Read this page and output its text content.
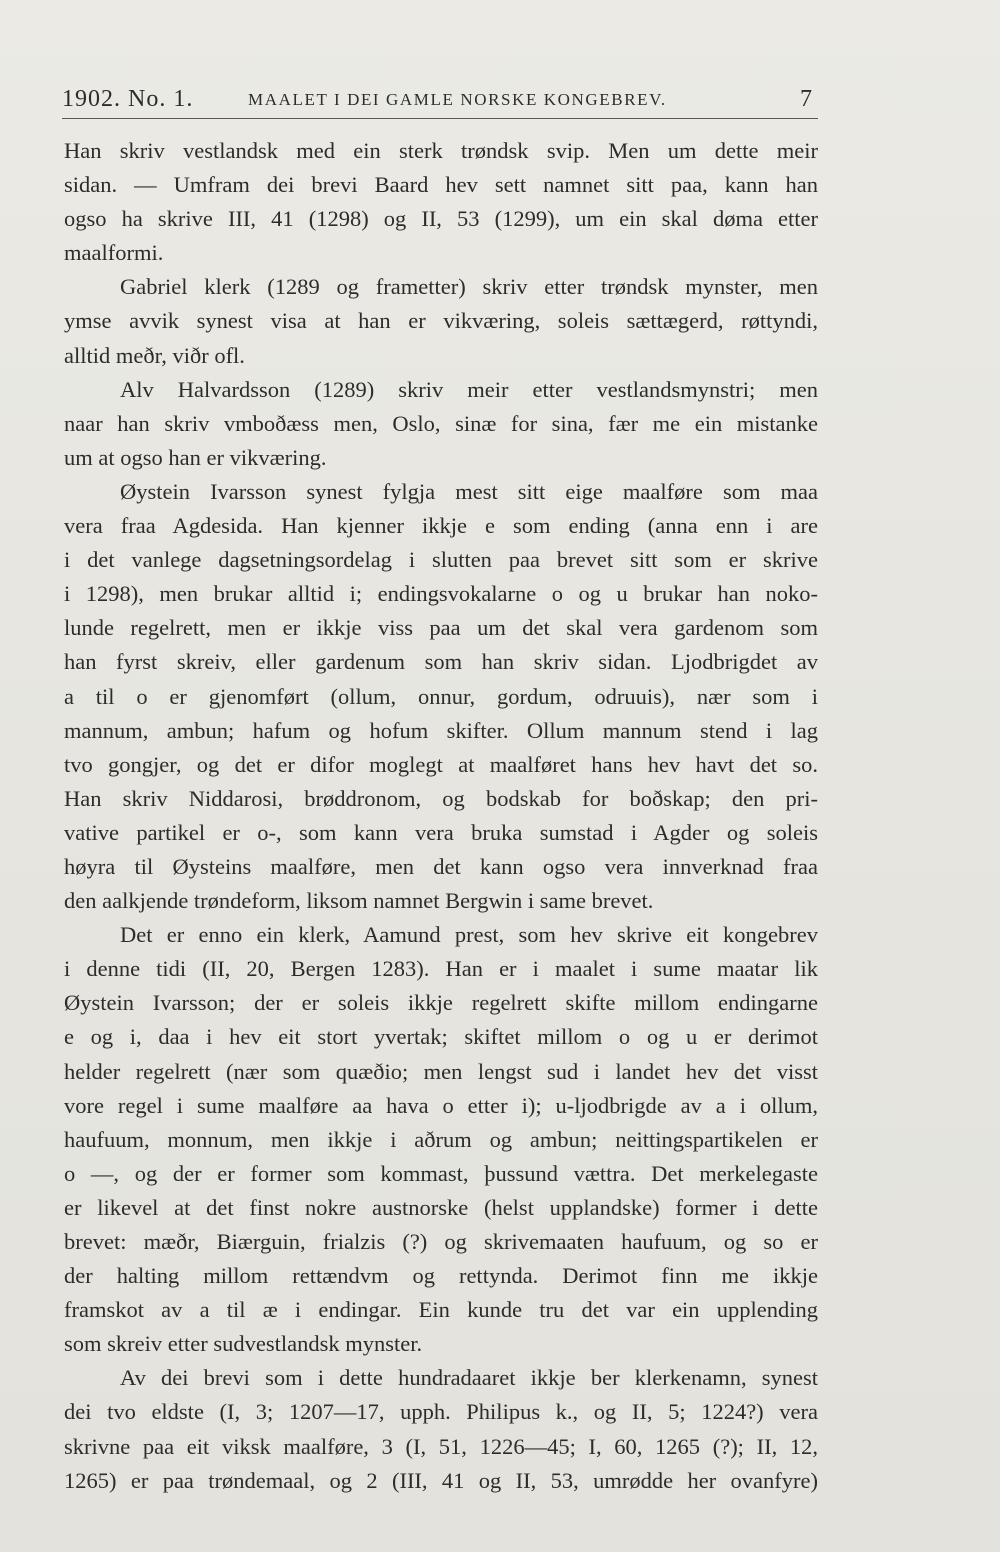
1902. No. 1.	MAALET I DEI GAMLE NORSKE KONGEBREV.	7
Han skriv vestlandsk med ein sterk trøndsk svip. Men um dette meir
sidan. — Umfram dei brevi Baard hev sett namnet sitt paa, kann han
ogso ha skrive III, 41 (1298) og II, 53 (1299), um ein skal døma etter
maalformi.
Gabriel klerk (1289 og frametter) skriv etter trøndsk mynster, men
ymse avvik synest visa at han er vikværing, soleis sættægerd, røttyndi,
alltid meðr, viðr ofl.
Alv Halvardsson (1289) skriv meir etter vestlandsmynstri; men
naar han skriv vmboðæss men, Oslo, sinæ for sina, fær me ein mistanke
um at ogso han er vikværing.
Øystein Ivarsson synest fylgja mest sitt eige maalføre som maa
vera fraa Agdesida. Han kjenner ikkje e som ending (anna enn i are
i det vanlege dagsetningsordelag i slutten paa brevet sitt som er skrive
i 1298), men brukar alltid i; endingsvokalarne o og u brukar han noko-
lunde regelrett, men er ikkje viss paa um det skal vera gardenom som
han fyrst skreiv, eller gardenum som han skriv sidan. Ljodbrigdet av
a til o er gjenomført (ollum, onnur, gordum, odruuis), nær som i
mannum, ambun; hafum og hofum skifter. Ollum mannum stend i lag
tvo gongjer, og det er difor moglegt at maalføret hans hev havt det so.
Han skriv Niddarosi, brøddronom, og bodskab for boðskap; den pri-
vative partikel er o-, som kann vera bruka sumstad i Agder og soleis
høyra til Øysteins maalføre, men det kann ogso vera innverknad fraa
den aalkjende trøndeform, liksom namnet Bergwin i same brevet.
Det er enno ein klerk, Aamund prest, som hev skrive eit kongebrev
i denne tidi (II, 20, Bergen 1283). Han er i maalet i sume maatar lik
Øystein Ivarsson; der er soleis ikkje regelrett skifte millom endingarne
e og i, daa i hev eit stort yvertak; skiftet millom o og u er derimot
helder regelrett (nær som quæðio; men lengst sud i landet hev det visst
vore regel i sume maalføre aa hava o etter i); u-ljodbrigde av a i ollum,
haufuum, monnum, men ikkje i aðrum og ambun; neittingspartikelen er
o —, og der er former som kommast, þussund vættra. Det merkelegaste
er likevel at det finst nokre austnorske (helst upplandske) former i dette
brevet: mæðr, Biærguin, frialzis (?) og skrivemaaten haufuum, og so er
der halting millom rettændvm og rettynda. Derimot finn me ikkje
framskot av a til æ i endingar. Ein kunde tru det var ein upplending
som skreiv etter sudvestlandsk mynster.
Av dei brevi som i dette hundradaaret ikkje ber klerkenamn, synest
dei tvo eldste (I, 3; 1207—17, upph. Philipus k., og II, 5; 1224?) vera
skrivne paa eit viksk maalføre, 3 (I, 51, 1226—45; I, 60, 1265 (?); II, 12,
1265) er paa trøndemaal, og 2 (III, 41 og II, 53, umrødde her ovanfyre)
